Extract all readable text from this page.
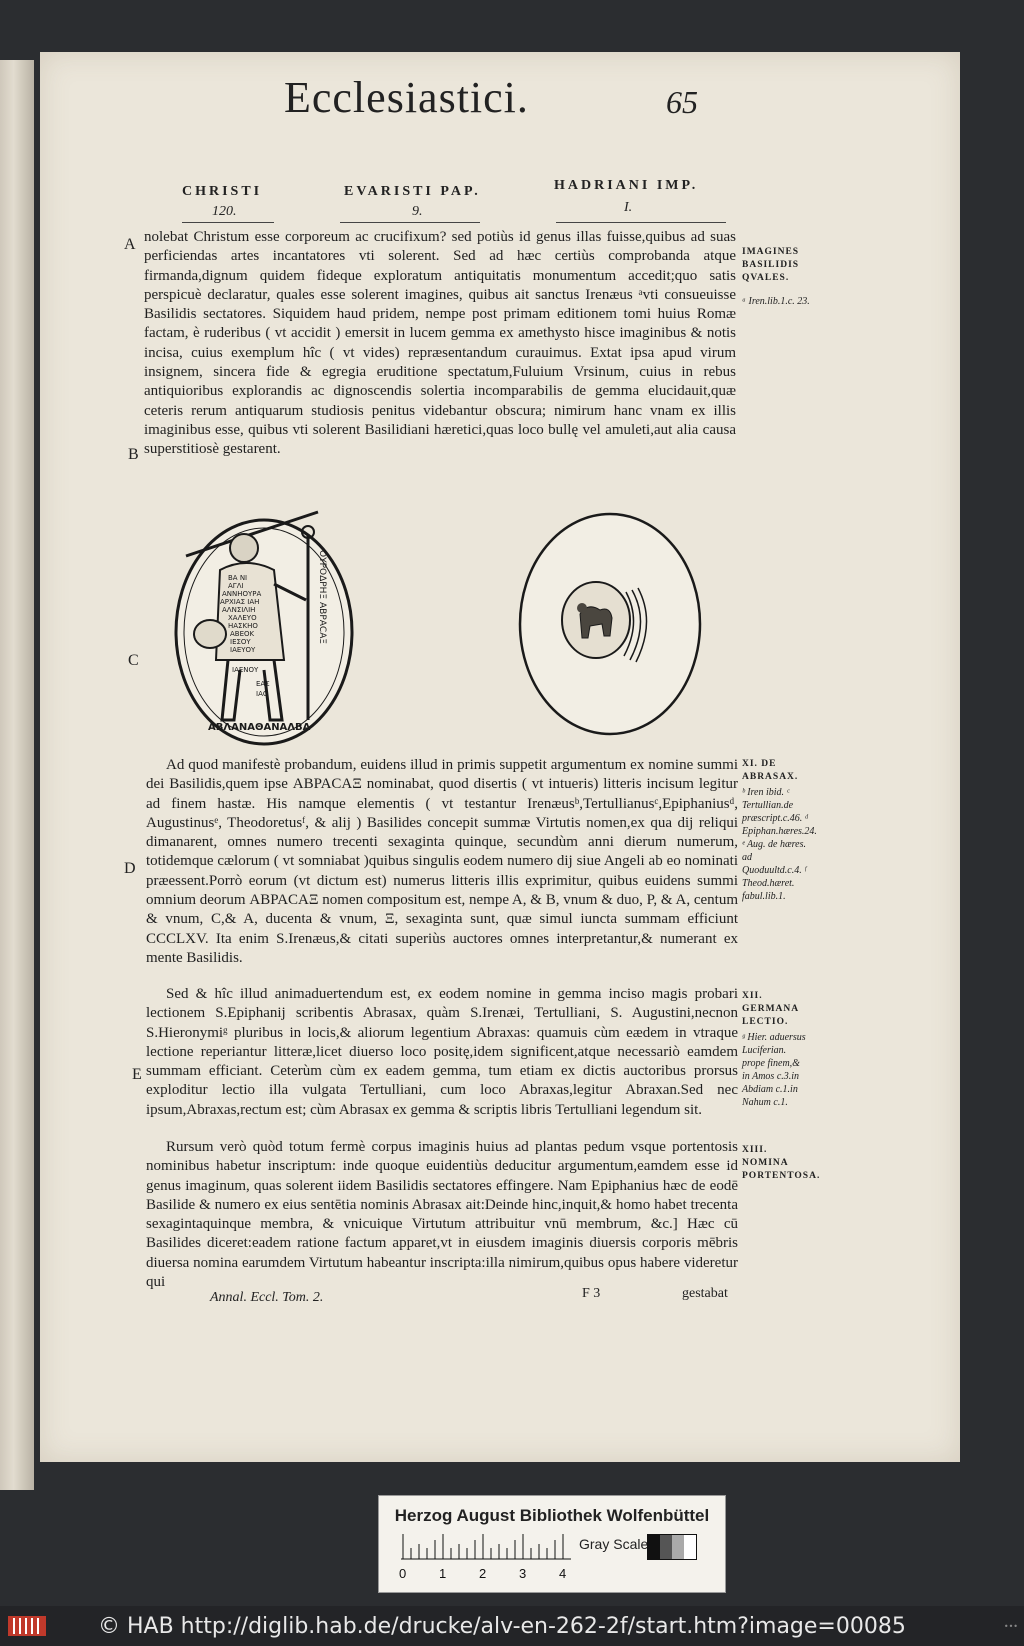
Ecclesiastici.	65
CHRISTI
120.
EVARISTI PAP.
9.
HADRIANI IMP.
I.
A
B
C
D
E

nolebat Christum esse corporeum ac crucifixum? sed potiùs id genus illas fuisse,quibus ad suas perficiendas artes incantatores vti solerent. Sed ad hæc certiùs comprobanda atque firmanda,dignum quidem fideque exploratum antiquitatis monumentum accedit;quo satis perspicuè declaratur, quales esse solerent imagines, quibus ait sanctus Irenæus ᵃvti consueuisse Basilidis sectatores. Siquidem haud pridem, nempe post primam editionem tomi huius Romæ factam, è ruderibus ( vt accidit ) emersit in lucem gemma ex amethysto hisce imaginibus & notis incisa, cuius exemplum hîc ( vt vides) repræsentandum curauimus. Extat ipsa apud virum insignem, sincera fide & egregia eruditione spectatum,Fuluium Vrsinum, cuius in rebus antiquioribus explorandis ac dignoscendis solertia incomparabilis de gemma elucidauit,quæ ceteris rerum antiquarum studiosis penitus videbantur obscura; nimirum hanc vnam ex illis imaginibus esse, quibus vti solerent Basilidiani hæretici,quas loco bullę vel amuleti,aut alia causa superstitiosè gestarent.

IMAGINES BASILIDIS QVALES.
ᵃ Iren.lib.1.c. 23.
ΒΑ ΝΙ
ΑΓΛΙ
ΑΝΝΗΟΥΡΑ
ΑΡΧΙΑΣ ΙΑΗ
ΑΛΝΣΙΛΙΗ
ΧΑΛΕΥΟ
ΗΑΣΚΗΟ
ΑΒΕΟΚ
ΙΕΣΟΥ
ΙΑΕΥΟΥ
ΙΑΕΝΟΥ
ΕΑΣ
ΙΑΟ
ΟΥΡΟΔΡΗΞ ΑΒΡΑCΑΞ
ΑΒΛΑΝΑΘΑΝΑΛΒΑ

Ad quod manifestè probandum, euidens illud in primis suppetit argumentum ex nomine summi dei Basilidis,quem ipse ΑΒΡΑCΑΞ nominabat, quod disertis ( vt intueris) litteris incisum legitur ad finem hastæ. His namque elementis ( vt testantur Irenæusᵇ,Tertullianusᶜ,Epiphaniusᵈ, Augustinusᵉ, Theodoretusᶠ, & alij ) Basilides concepit summæ Virtutis nomen,ex qua dij reliqui dimanarent, omnes numero trecenti sexaginta quinque, secundùm anni dierum numerum, totidemque cælorum ( vt somniabat )quibus singulis eodem numero dij siue Angeli ab eo nominati præessent.Porrò eorum (vt dictum est) numerus litteris illis exprimitur, quibus euidens summi omnium deorum ΑΒΡΑCΑΞ nomen compositum est, nempe A, & B, vnum & duo, P, & A, centum & vnum, C,& A, ducenta & vnum, Ξ, sexaginta sunt, quæ simul iuncta summam efficiunt CCCLXV. Ita enim S.Irenæus,& citati superiùs auctores omnes interpretantur,& numerant ex mente Basilidis.

XI. DE ABRASAX.
ᵇ Iren ibid. ᶜ Tertullian.de præscript.c.46. ᵈ Epiphan.hæres.24. ᵉ Aug. de hæres. ad Quoduultd.c.4. ᶠ Theod.hæret. fabul.lib.1.

Sed & hîc illud animaduertendum est, ex eodem nomine in gemma inciso magis probari lectionem S.Epiphanij scribentis Abrasax, quàm S.Irenæi, Tertulliani, S. Augustini,necnon S.Hieronymiᵍ pluribus in locis,& aliorum legentium Abraxas: quamuis cùm eædem in vtraque lectione reperiantur litteræ,licet diuerso loco positę,idem significent,atque necessariò eamdem summam efficiant. Ceterùm cùm ex eadem gemma, tum etiam ex dictis auctoribus prorsus exploditur lectio illa vulgata Tertulliani, cum loco Abraxas,legitur Abraxan.Sed nec ipsum,Abraxas,rectum est; cùm Abrasax ex gemma & scriptis libris Tertulliani legendum sit.

XII. GERMANA LECTIO.
ᵍ Hier. aduersus Luciferian. prope finem,& in Amos c.3.in Abdiam c.1.in Nahum c.1.

Rursum verò quòd totum fermè corpus imaginis huius ad plantas pedum vsque portentosis nominibus habetur inscriptum: inde quoque euidentiùs deducitur argumentum,eamdem esse id genus imaginum, quas solerent iidem Basilidis sectatores effingere. Nam Epiphanius hæc de eodē Basilide & numero ex eius sentētia nominis Abrasax ait:Deinde hinc,inquit,& homo habet trecenta sexagintaquinque membra, & vnicuique Virtutum attribuitur vnū membrum, &c.] Hæc cū Basilides diceret:eadem ratione factum apparet,vt in eiusdem imaginis diuersis corporis mēbris diuersa nomina earumdem Virtutum habeantur inscripta:illa nimirum,quibus opus habere videretur qui

XIII. NOMINA PORTENTOSA.
Annal. Eccl. Tom. 2.	F 3	gestabat
Herzog August Bibliothek Wolfenbüttel
0	1	2	3	4
Gray Scale
© HAB http://diglib.hab.de/drucke/alv-en-262-2f/start.htm?image=00085	•••
